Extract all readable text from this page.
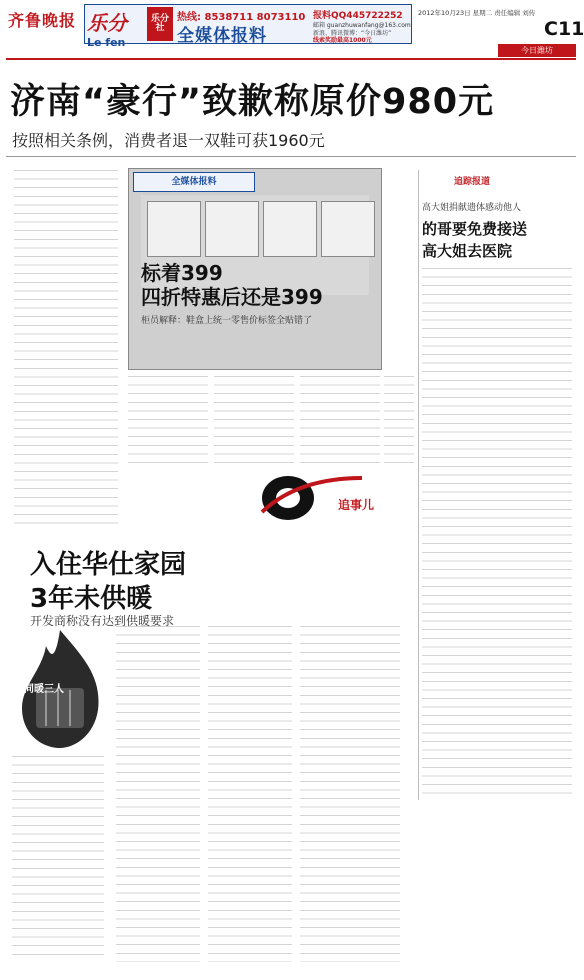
齐鲁晚报 乐分
Le fen
乐分社
热线: 8538711 8073110
全媒体报料
报料QQ445722252
邮箱 guanzhuwanfang@163.com
新浪、腾讯微博：“今日潍坊”
线索奖励最高1000元
2012年10月23日 星期二 责任编辑 刘传
C11
今日潍坊
济南“豪行”致歉称原价980元
按照相关条例，消费者退一双鞋可获1960元
全媒体报料
标着399
四折特惠后还是399
柜员解释：鞋盒上统一零售价标签全贴错了
追踪报道
高大姐捐献遗体感动他人
的哥要免费接送
高大姐去医院
追事儿
入住华仕家园
3年未供暖
开发商称没有达到供暖要求
同暖三人
